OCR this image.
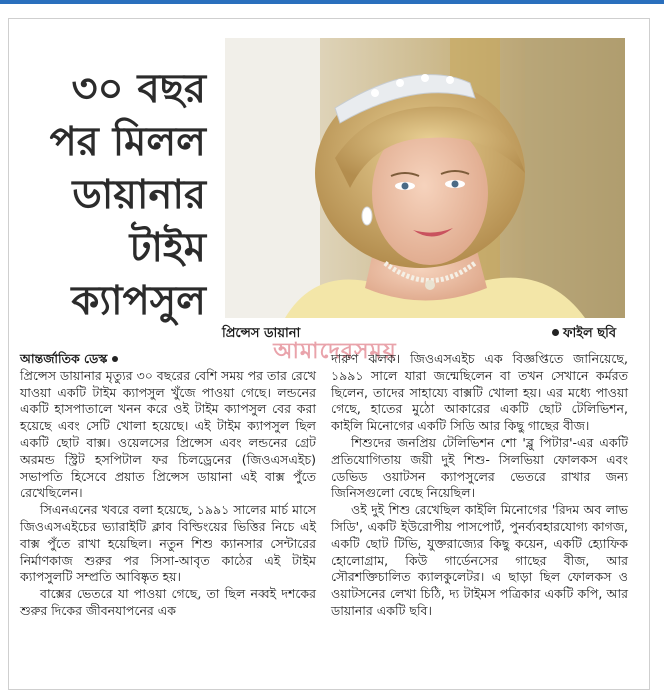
৩০ বছর
পর মিলল
ডায়ানার
টাইম
ক্যাপসুল
প্রিন্সেস ডায়ানা	ফাইল ছবি
আমাদেরসময়
আন্তর্জাতিক ডেস্ক

প্রিন্সেস ডায়ানার মৃত্যুর ৩০ বছরের বেশি সময় পর তার রেখে যাওয়া একটি টাইম ক্যাপসুল খুঁজে পাওয়া গেছে। লন্ডনের একটি হাসপাতালে খনন করে ওই টাইম ক্যাপসুল বের করা হয়েছে এবং সেটি খোলা হয়েছে। এই টাইম ক্যাপসুল ছিল একটি ছোট বাক্স। ওয়েলসের প্রিন্সেস এবং লন্ডনের গ্রেট অরমন্ড স্ট্রিট হসপিটাল ফর চিলড্রেনের (জিওএসএইচ) সভাপতি হিসেবে প্রয়াত প্রিন্সেস ডায়ানা এই বাক্স পুঁতে রেখেছিলেন।

সিএনএনের খবরে বলা হয়েছে, ১৯৯১ সালের মার্চ মাসে জিওএসএইচের ভ্যারাইটি ক্লাব বিল্ডিংয়ের ভিত্তির নিচে এই বাক্স পুঁতে রাখা হয়েছিল। নতুন শিশু ক্যানসার সেন্টারের নির্মাণকাজ শুরুর পর সিসা-আবৃত কাঠের এই টাইম ক্যাপসুলটি সম্প্রতি আবিষ্কৃত হয়।

বাক্সের ভেতরে যা পাওয়া গেছে, তা ছিল নব্বই দশকের শুরুর দিকের জীবনযাপনের এক

দারুণ ঝলক। জিওএসএইচ এক বিজ্ঞপ্তিতে জানিয়েছে, ১৯৯১ সালে যারা জন্মেছিলেন বা তখন সেখানে কর্মরত ছিলেন, তাদের সাহায্যে বাক্সটি খোলা হয়। এর মধ্যে পাওয়া গেছে, হাতের মুঠো আকারের একটি ছোট টেলিভিশন, কাইলি মিনোগের একটি সিডি আর কিছু গাছের বীজ।

শিশুদের জনপ্রিয় টেলিভিশন শো 'ব্লু পিটার'-এর একটি প্রতিযোগিতায় জয়ী দুই শিশু- সিলভিয়া ফোলকস এবং ডেভিড ওয়াটসন ক্যাপসুলের ভেতরে রাখার জন্য জিনিসগুলো বেছে নিয়েছিল।

ওই দুই শিশু রেখেছিল কাইলি মিনোগের 'রিদম অব লাভ সিডি', একটি ইউরোপীয় পাসপোর্ট, পুনর্ব্যবহারযোগ্য কাগজ, একটি ছোট টিভি, যুক্তরাজ্যের কিছু কয়েন, একটি হ্যোফিক হোলোগ্রাম, কিউ গার্ডেনসের গাছের বীজ, আর সৌরশক্তিচালিত ক্যালকুলেটর। এ ছাড়া ছিল ফোলকস ও ওয়াটসনের লেখা চিঠি, দ্য টাইমস পত্রিকার একটি কপি, আর ডায়ানার একটি ছবি।
